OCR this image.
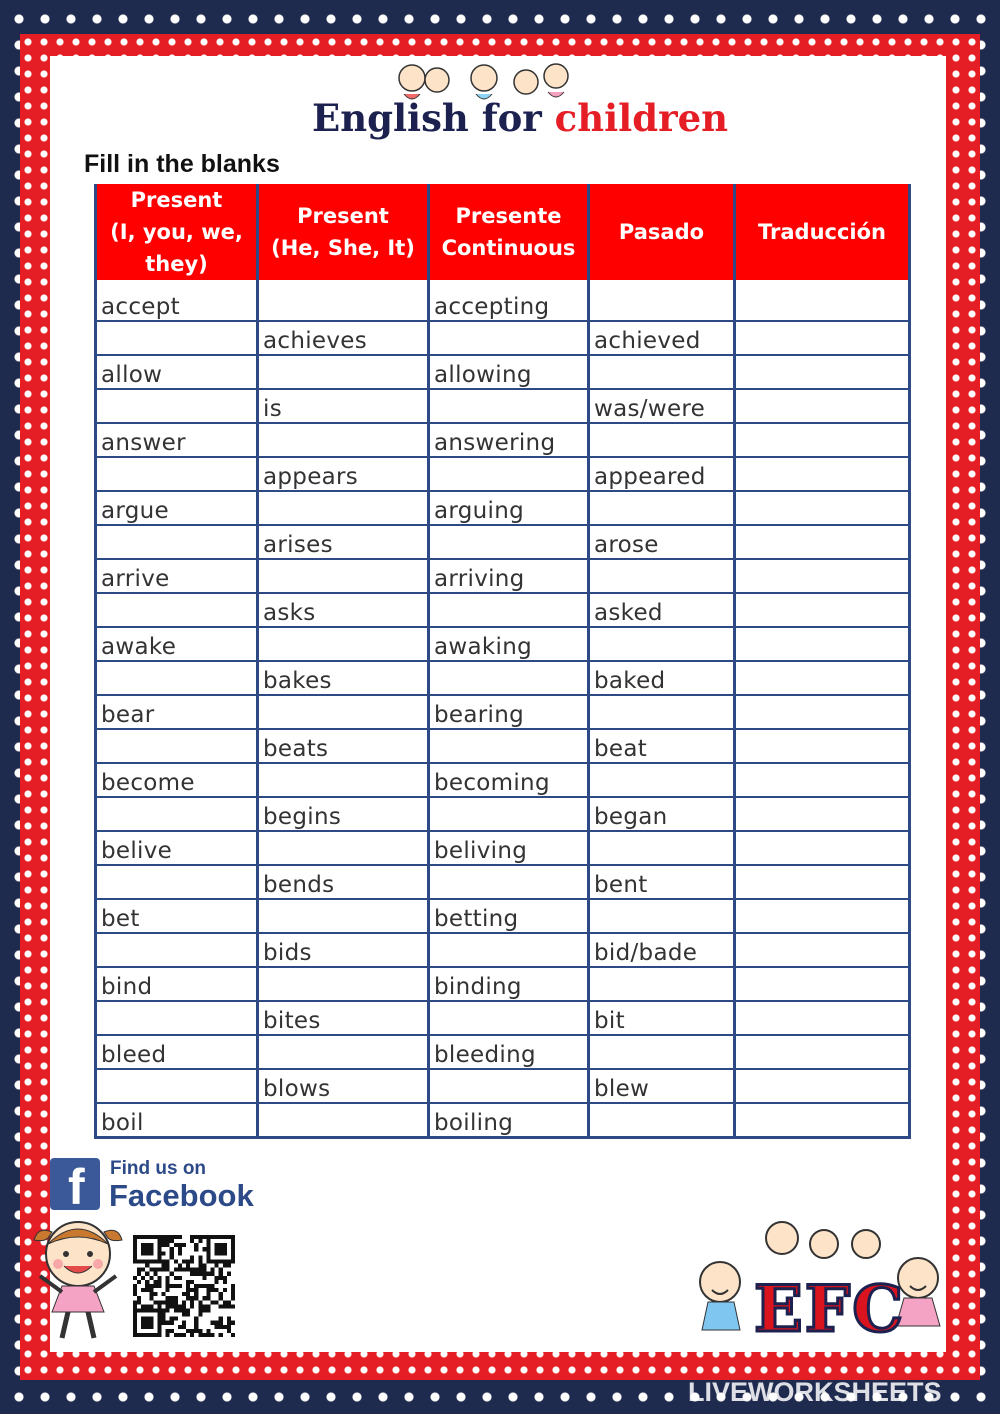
English for children
Fill in the blanks
Present
(I, you, we,
they)	Present
(He, She, It)	Presente
Continuous	Pasado	Traducción
accept		accepting		
	achieves		achieved	
allow		allowing		
	is		was/were	
answer		answering		
	appears		appeared	
argue		arguing		
	arises		arose	
arrive		arriving		
	asks		asked	
awake		awaking		
	bakes		baked	
bear		bearing		
	beats		beat	
become		becoming		
	begins		began	
belive		beliving		
	bends		bent	
bet		betting		
	bids		bid/bade	
bind		binding		
	bites		bit	
bleed		bleeding		
	blows		blew	
boil		boiling		
f Find us on
Facebook
EFC
LIVEWORKSHEETS
